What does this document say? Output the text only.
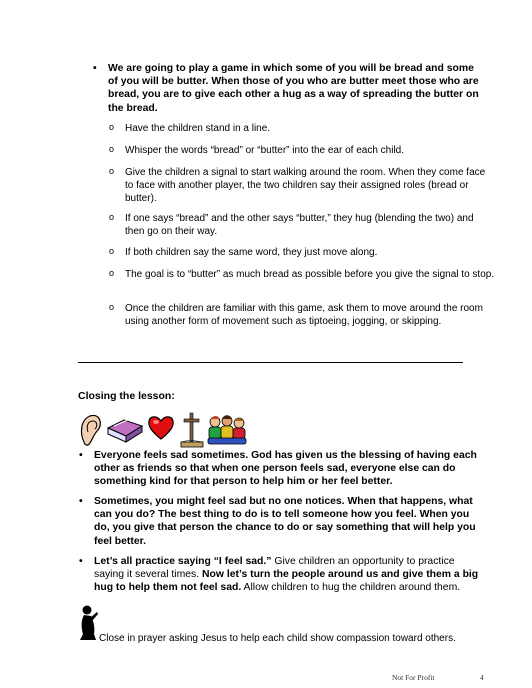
• We are going to play a game in which some of you will be bread and some of you will be butter. When those of you who are butter meet those who are bread, you are to give each other a hug as a way of spreading the butter on the bread.
o Have the children stand in a line.
o Whisper the words “bread” or “butter” into the ear of each child.
o Give the children a signal to start walking around the room. When they come face to face with another player, the two children say their assigned roles (bread or butter).
o If one says “bread” and the other says “butter,” they hug (blending the two) and then go on their way.
o If both children say the same word, they just move along.
o The goal is to “butter” as much bread as possible before you give the signal to stop.
o Once the children are familiar with this game, ask them to move around the room using another form of movement such as tiptoeing, jogging, or skipping.
Closing the lesson:
• Everyone feels sad sometimes. God has given us the blessing of having each other as friends so that when one person feels sad, everyone else can do something kind for that person to help him or her feel better.
• Sometimes, you might feel sad but no one notices. When that happens, what can you do? The best thing to do is to tell someone how you feel. When you do, you give that person the chance to do or say something that will help you feel better.
• Let’s all practice saying “I feel sad.” Give children an opportunity to practice saying it several times. Now let’s turn the people around us and give them a big hug to help them not feel sad. Allow children to hug the children around them.
Close in prayer asking Jesus to help each child show compassion toward others.
Not For Profit	4
